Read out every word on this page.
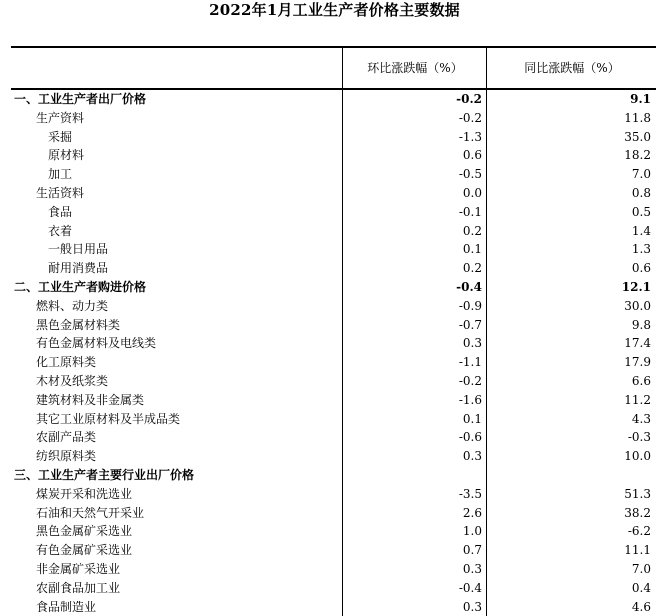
2022年1月工业生产者价格主要数据
环比涨跌幅（%）	同比涨跌幅（%）
一、工业生产者出厂价格	-0.2	9.1
生产资料	-0.2	11.8
采掘	-1.3	35.0
原材料	0.6	18.2
加工	-0.5	7.0
生活资料	0.0	0.8
食品	-0.1	0.5
衣着	0.2	1.4
一般日用品	0.1	1.3
耐用消费品	0.2	0.6
二、工业生产者购进价格	-0.4	12.1
燃料、动力类	-0.9	30.0
黑色金属材料类	-0.7	9.8
有色金属材料及电线类	0.3	17.4
化工原料类	-1.1	17.9
木材及纸浆类	-0.2	6.6
建筑材料及非金属类	-1.6	11.2
其它工业原材料及半成品类	0.1	4.3
农副产品类	-0.6	-0.3
纺织原料类	0.3	10.0
三、工业生产者主要行业出厂价格
煤炭开采和洗选业	-3.5	51.3
石油和天然气开采业	2.6	38.2
黑色金属矿采选业	1.0	-6.2
有色金属矿采选业	0.7	11.1
非金属矿采选业	0.3	7.0
农副食品加工业	-0.4	0.4
食品制造业	0.3	4.6
